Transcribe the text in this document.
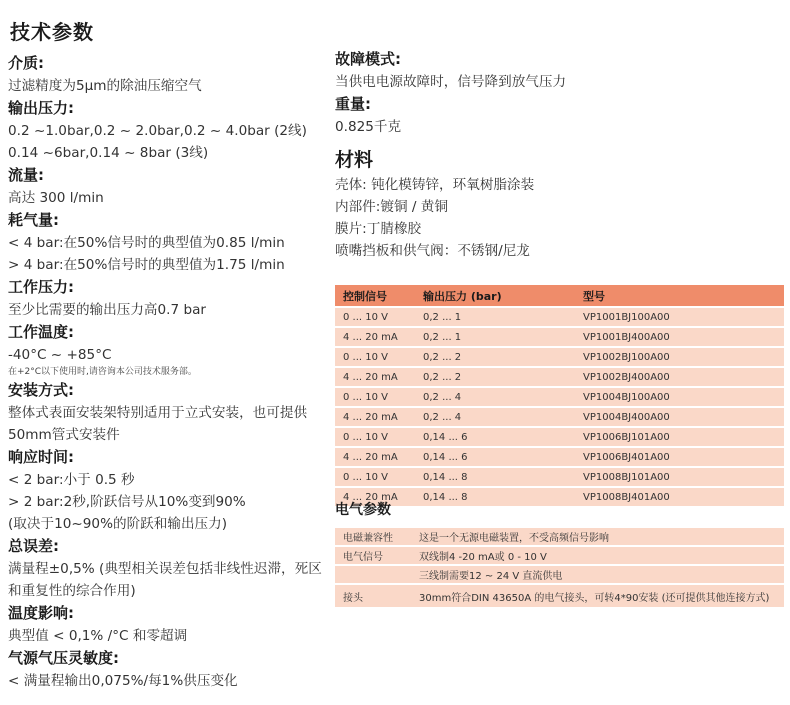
技术参数
介质:
过滤精度为5μm的除油压缩空气
输出压力:
0.2 ~1.0bar,0.2 ~ 2.0bar,0.2 ~ 4.0bar (2线)
0.14 ~6bar,0.14 ~ 8bar (3线)
流量:
高达 300 l/min
耗气量:
< 4 bar:在50%信号时的典型值为0.85 l/min
> 4 bar:在50%信号时的典型值为1.75 l/min
工作压力:
至少比需要的输出压力高0.7 bar
工作温度:
-40°C ~ +85°C
在+2°C以下使用时,请咨询本公司技术服务部。
安装方式:
整体式表面安装架特别适用于立式安装，也可提供50mm管式安装件
响应时间:
< 2 bar:小于 0.5 秒
> 2 bar:2秒,阶跃信号从10%变到90%
(取决于10~90%的阶跃和输出压力)
总误差:
满量程±0,5% (典型相关误差包括非线性迟滞，死区和重复性的综合作用)
温度影响:
典型值 < 0,1% /°C 和零超调
气源气压灵敏度:
< 满量程输出0,075%/每1%供压变化
故障模式:
当供电电源故障时，信号降到放气压力
重量:
0.825千克
材料
壳体: 钝化模铸锌，环氧树脂涂装
内部件:镀铜 / 黄铜
膜片:丁腈橡胶
喷嘴挡板和供气阀：不锈钢/尼龙
控制信号	输出压力 (bar)	型号
0 ... 10 V	0,2 ... 1	VP1001BJ100A00
4 ... 20 mA	0,2 ... 1	VP1001BJ400A00
0 ... 10 V	0,2 ... 2	VP1002BJ100A00
4 ... 20 mA	0,2 ... 2	VP1002BJ400A00
0 ... 10 V	0,2 ... 4	VP1004BJ100A00
4 ... 20 mA	0,2 ... 4	VP1004BJ400A00
0 ... 10 V	0,14 ... 6	VP1006BJ101A00
4 ... 20 mA	0,14 ... 6	VP1006BJ401A00
0 ... 10 V	0,14 ... 8	VP1008BJ101A00
4 ... 20 mA	0,14 ... 8	VP1008BJ401A00
电气参数
电磁兼容性	这是一个无源电磁装置，不受高频信号影响
电气信号	双线制4 -20 mA或 0 - 10 V
	三线制需要12 ~ 24 V 直流供电
接头	30mm符合DIN 43650A 的电气接头，可转4*90安装 (还可提供其他连接方式)
